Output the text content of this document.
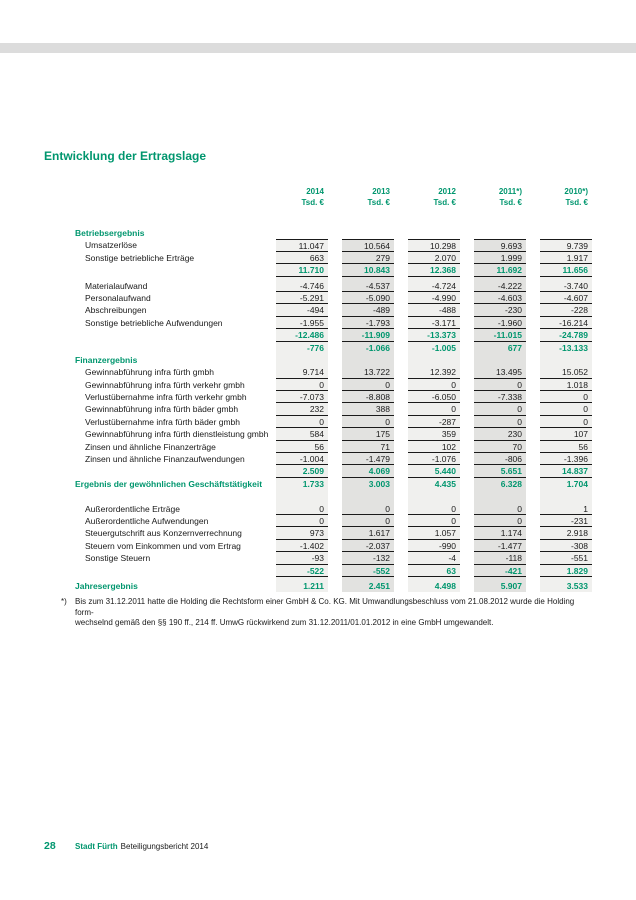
Entwicklung der Ertragslage
2014
Tsd. €
2013
Tsd. €
2012
Tsd. €
2011*)
Tsd. €
2010*)
Tsd. €
Betriebsergebnis
Umsatzerlöse	11.047	10.564	10.298	9.693	9.739
Sonstige betriebliche Erträge	663	279	2.070	1.999	1.917
11.710	10.843	12.368	11.692	11.656
Materialaufwand	-4.746	-4.537	-4.724	-4.222	-3.740
Personalaufwand	-5.291	-5.090	-4.990	-4.603	-4.607
Abschreibungen	-494	-489	-488	-230	-228
Sonstige betriebliche Aufwendungen	-1.955	-1.793	-3.171	-1.960	-16.214
-12.486	-11.909	-13.373	-11.015	-24.789
-776	-1.066	-1.005	677	-13.133
Finanzergebnis
Gewinnabführung infra fürth gmbh	9.714	13.722	12.392	13.495	15.052
Gewinnabführung infra fürth verkehr gmbh	0	0	0	0	1.018
Verlustübernahme infra fürth verkehr gmbh	-7.073	-8.808	-6.050	-7.338	0
Gewinnabführung infra fürth bäder gmbh	232	388	0	0	0
Verlustübernahme infra fürth bäder gmbh	0	0	-287	0	0
Gewinnabführung infra fürth dienstleistung gmbh	584	175	359	230	107
Zinsen und ähnliche Finanzerträge	56	71	102	70	56
Zinsen und ähnliche Finanzaufwendungen	-1.004	-1.479	-1.076	-806	-1.396
2.509	4.069	5.440	5.651	14.837
Ergebnis der gewöhnlichen Geschäftstätigkeit	1.733	3.003	4.435	6.328	1.704
Außerordentliche Erträge	0	0	0	0	1
Außerordentliche Aufwendungen	0	0	0	0	-231
Steuergutschrift aus Konzernverrechnung	973	1.617	1.057	1.174	2.918
Steuern vom Einkommen und vom Ertrag	-1.402	-2.037	-990	-1.477	-308
Sonstige Steuern	-93	-132	-4	-118	-551
-522	-552	63	-421	1.829
Jahresergebnis	1.211	2.451	4.498	5.907	3.533
*) Bis zum 31.12.2011 hatte die Holding die Rechtsform einer GmbH & Co. KG. Mit Umwandlungsbeschluss vom 21.08.2012 wurde die Holding form-
wechselnd gemäß den §§ 190 ff., 214 ff. UmwG rückwirkend zum 31.12.2011/01.01.2012 in eine GmbH umgewandelt.
28	Stadt Fürth Beteiligungsbericht 2014
